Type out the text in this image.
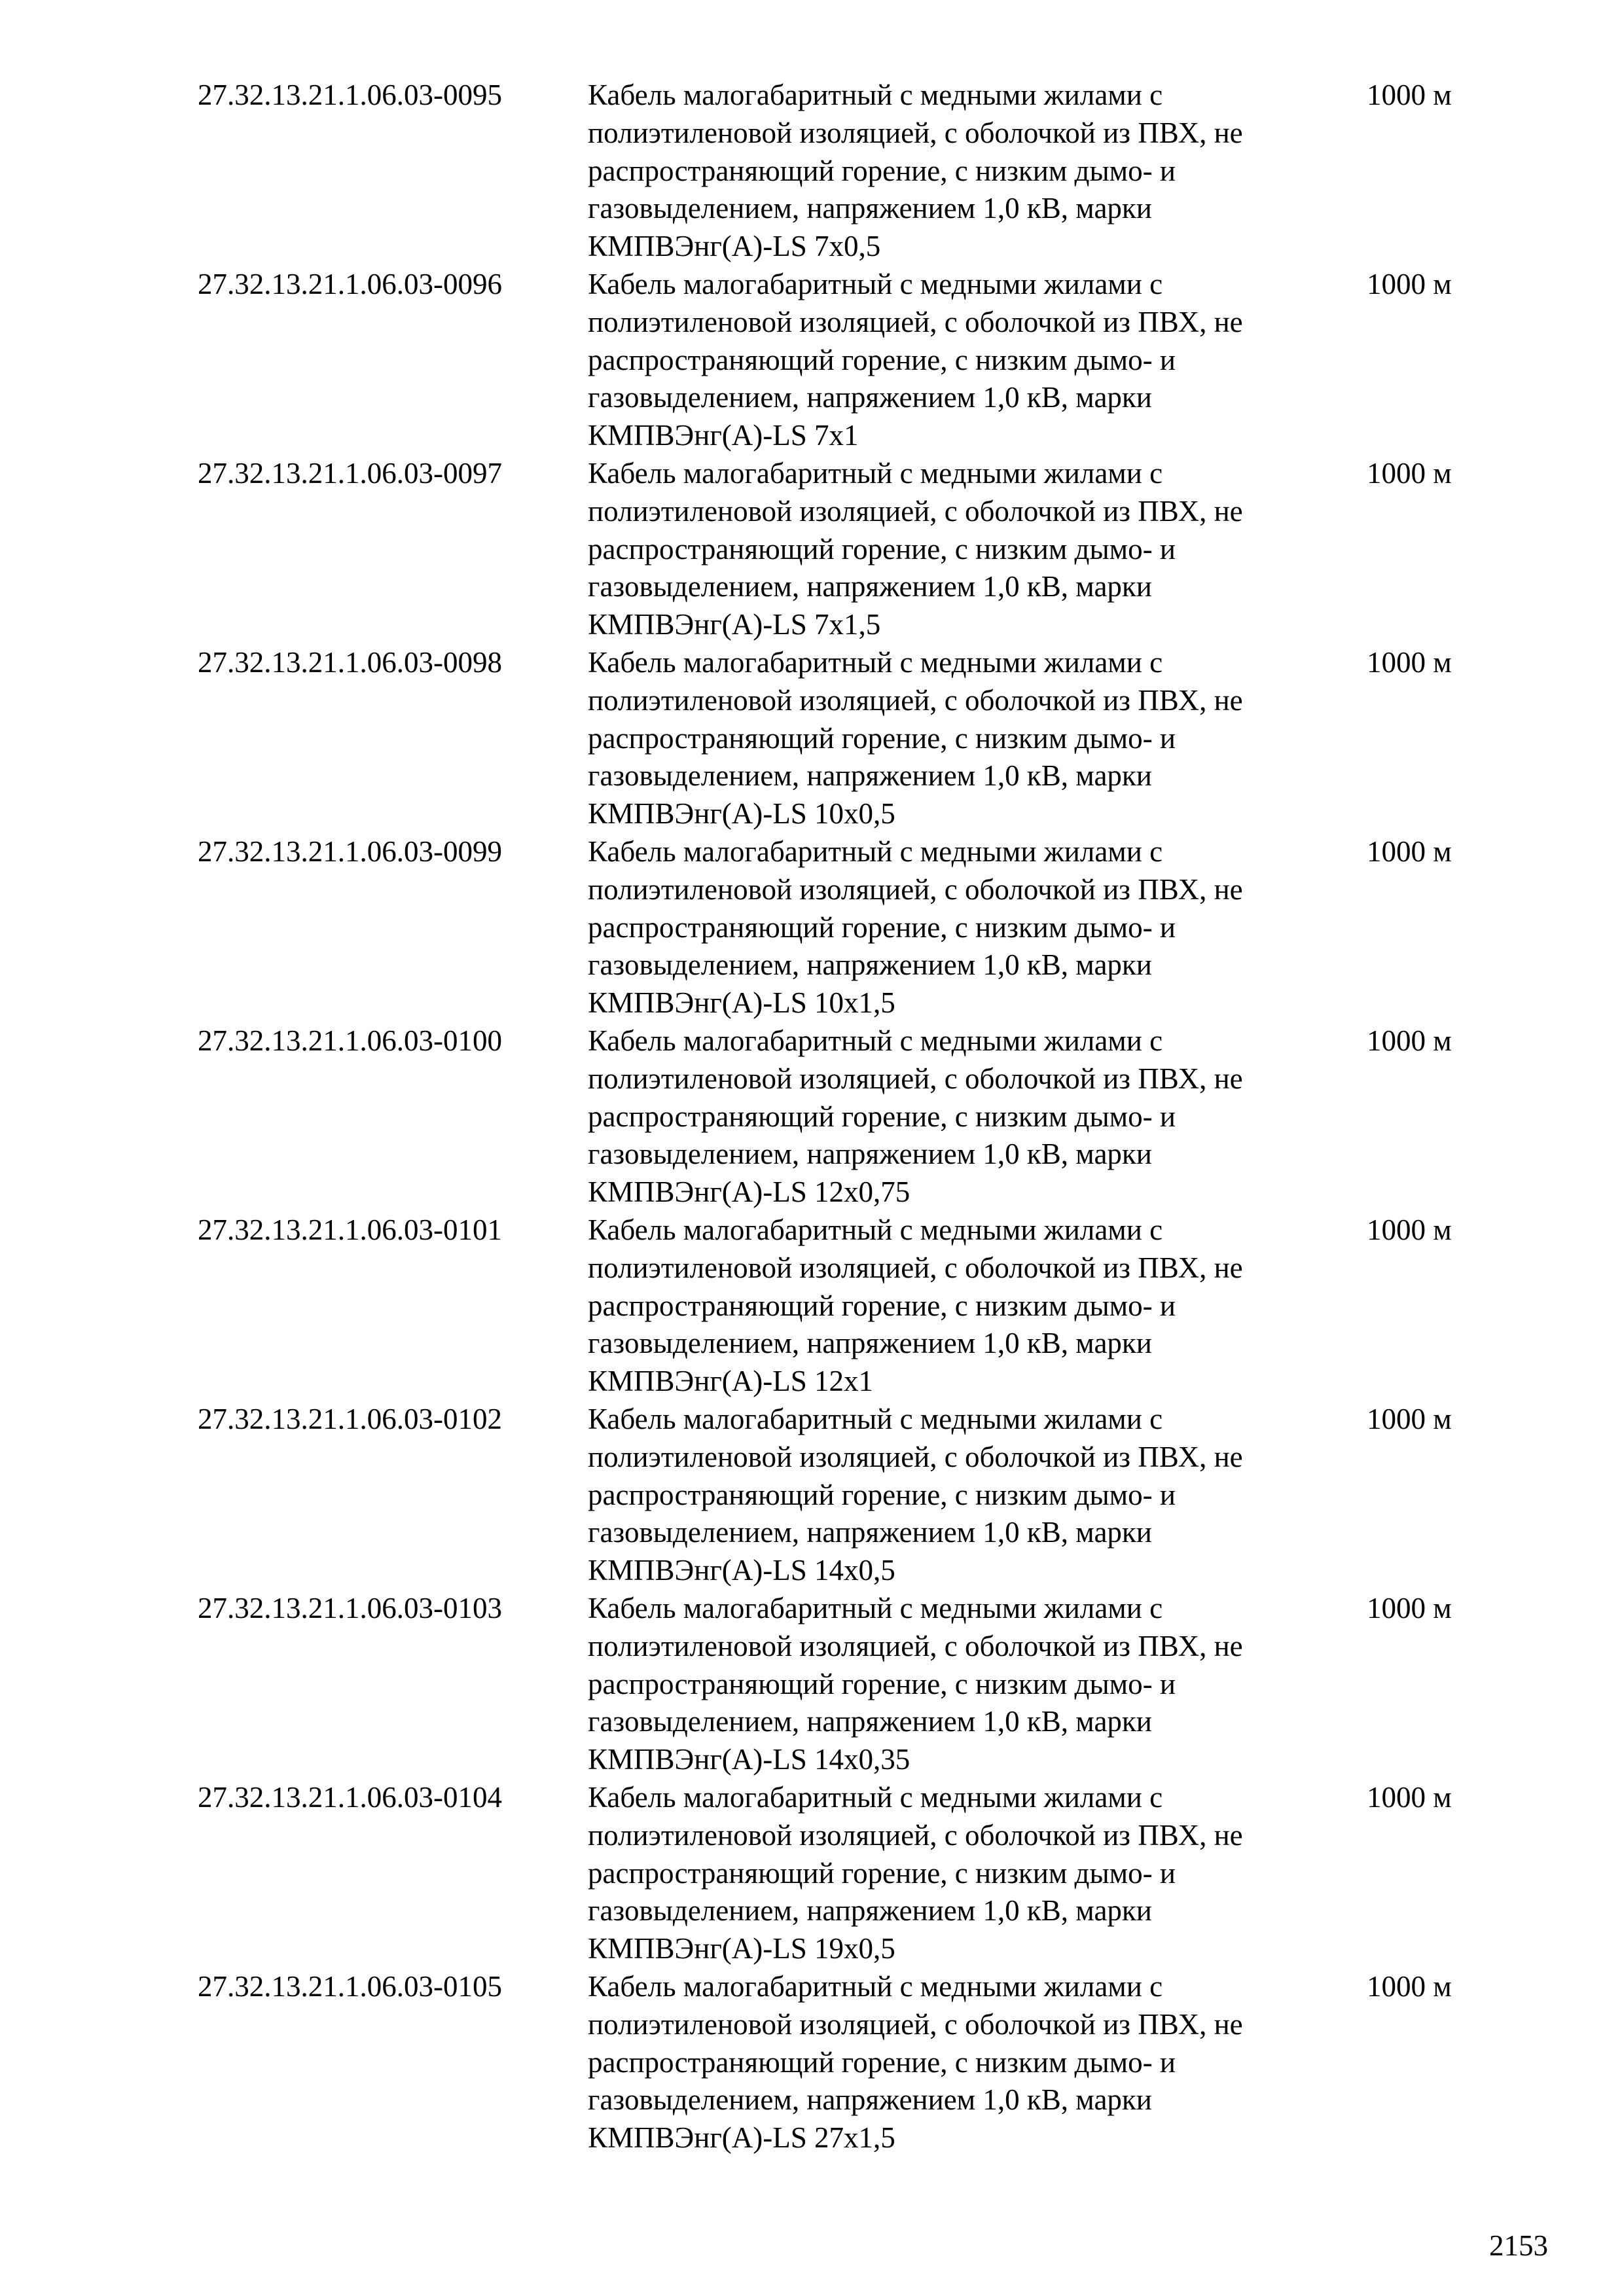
27.32.13.21.1.06.03-0095	Кабель малогабаритный с медными жилами с
полиэтиленовой изоляцией, с оболочкой из ПВХ, не
распространяющий горение, с низким дымо- и
газовыделением, напряжением 1,0 кВ, марки
КМПВЭнг(А)-LS 7х0,5
1000 м
27.32.13.21.1.06.03-0096	Кабель малогабаритный с медными жилами с
полиэтиленовой изоляцией, с оболочкой из ПВХ, не
распространяющий горение, с низким дымо- и
газовыделением, напряжением 1,0 кВ, марки
КМПВЭнг(А)-LS 7х1
1000 м
27.32.13.21.1.06.03-0097	Кабель малогабаритный с медными жилами с
полиэтиленовой изоляцией, с оболочкой из ПВХ, не
распространяющий горение, с низким дымо- и
газовыделением, напряжением 1,0 кВ, марки
КМПВЭнг(А)-LS 7х1,5
1000 м
27.32.13.21.1.06.03-0098	Кабель малогабаритный с медными жилами с
полиэтиленовой изоляцией, с оболочкой из ПВХ, не
распространяющий горение, с низким дымо- и
газовыделением, напряжением 1,0 кВ, марки
КМПВЭнг(А)-LS 10х0,5
1000 м
27.32.13.21.1.06.03-0099	Кабель малогабаритный с медными жилами с
полиэтиленовой изоляцией, с оболочкой из ПВХ, не
распространяющий горение, с низким дымо- и
газовыделением, напряжением 1,0 кВ, марки
КМПВЭнг(А)-LS 10х1,5
1000 м
27.32.13.21.1.06.03-0100	Кабель малогабаритный с медными жилами с
полиэтиленовой изоляцией, с оболочкой из ПВХ, не
распространяющий горение, с низким дымо- и
газовыделением, напряжением 1,0 кВ, марки
КМПВЭнг(А)-LS 12х0,75
1000 м
27.32.13.21.1.06.03-0101	Кабель малогабаритный с медными жилами с
полиэтиленовой изоляцией, с оболочкой из ПВХ, не
распространяющий горение, с низким дымо- и
газовыделением, напряжением 1,0 кВ, марки
КМПВЭнг(А)-LS 12х1
1000 м
27.32.13.21.1.06.03-0102	Кабель малогабаритный с медными жилами с
полиэтиленовой изоляцией, с оболочкой из ПВХ, не
распространяющий горение, с низким дымо- и
газовыделением, напряжением 1,0 кВ, марки
КМПВЭнг(А)-LS 14х0,5
1000 м
27.32.13.21.1.06.03-0103	Кабель малогабаритный с медными жилами с
полиэтиленовой изоляцией, с оболочкой из ПВХ, не
распространяющий горение, с низким дымо- и
газовыделением, напряжением 1,0 кВ, марки
КМПВЭнг(А)-LS 14х0,35
1000 м
27.32.13.21.1.06.03-0104	Кабель малогабаритный с медными жилами с
полиэтиленовой изоляцией, с оболочкой из ПВХ, не
распространяющий горение, с низким дымо- и
газовыделением, напряжением 1,0 кВ, марки
КМПВЭнг(А)-LS 19х0,5
1000 м
27.32.13.21.1.06.03-0105	Кабель малогабаритный с медными жилами с
полиэтиленовой изоляцией, с оболочкой из ПВХ, не
распространяющий горение, с низким дымо- и
газовыделением, напряжением 1,0 кВ, марки
КМПВЭнг(А)-LS 27х1,5
1000 м
2153
